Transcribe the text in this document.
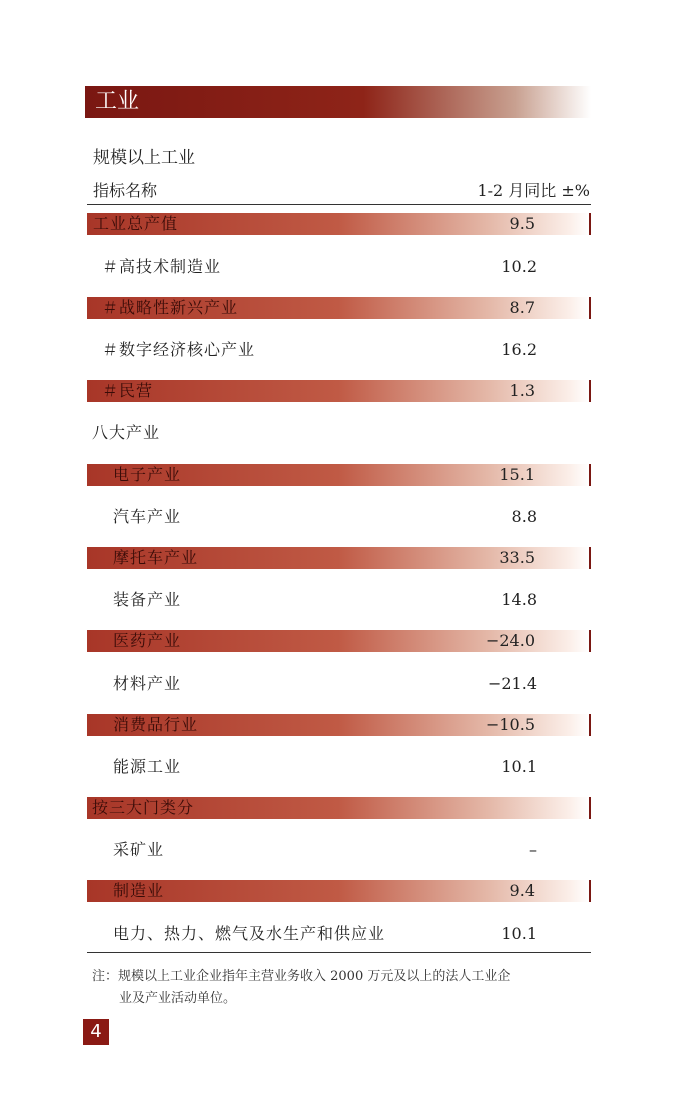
工业
规模以上工业
指标名称	1-2 月同比 ±%
工业总产值	9.5
＃高技术制造业	10.2
＃战略性新兴产业	8.7
＃数字经济核心产业	16.2
＃民营	1.3
八大产业
电子产业	15.1
汽车产业	8.8
摩托车产业	33.5
装备产业	14.8
医药产业	−24.0
材料产业	−21.4
消费品行业	−10.5
能源工业	10.1
按三大门类分
采矿业	–
制造业	9.4
电力、热力、燃气及水生产和供应业	10.1
注：规模以上工业企业指年主营业务收入 2000 万元及以上的法人工业企
业及产业活动单位。
4
